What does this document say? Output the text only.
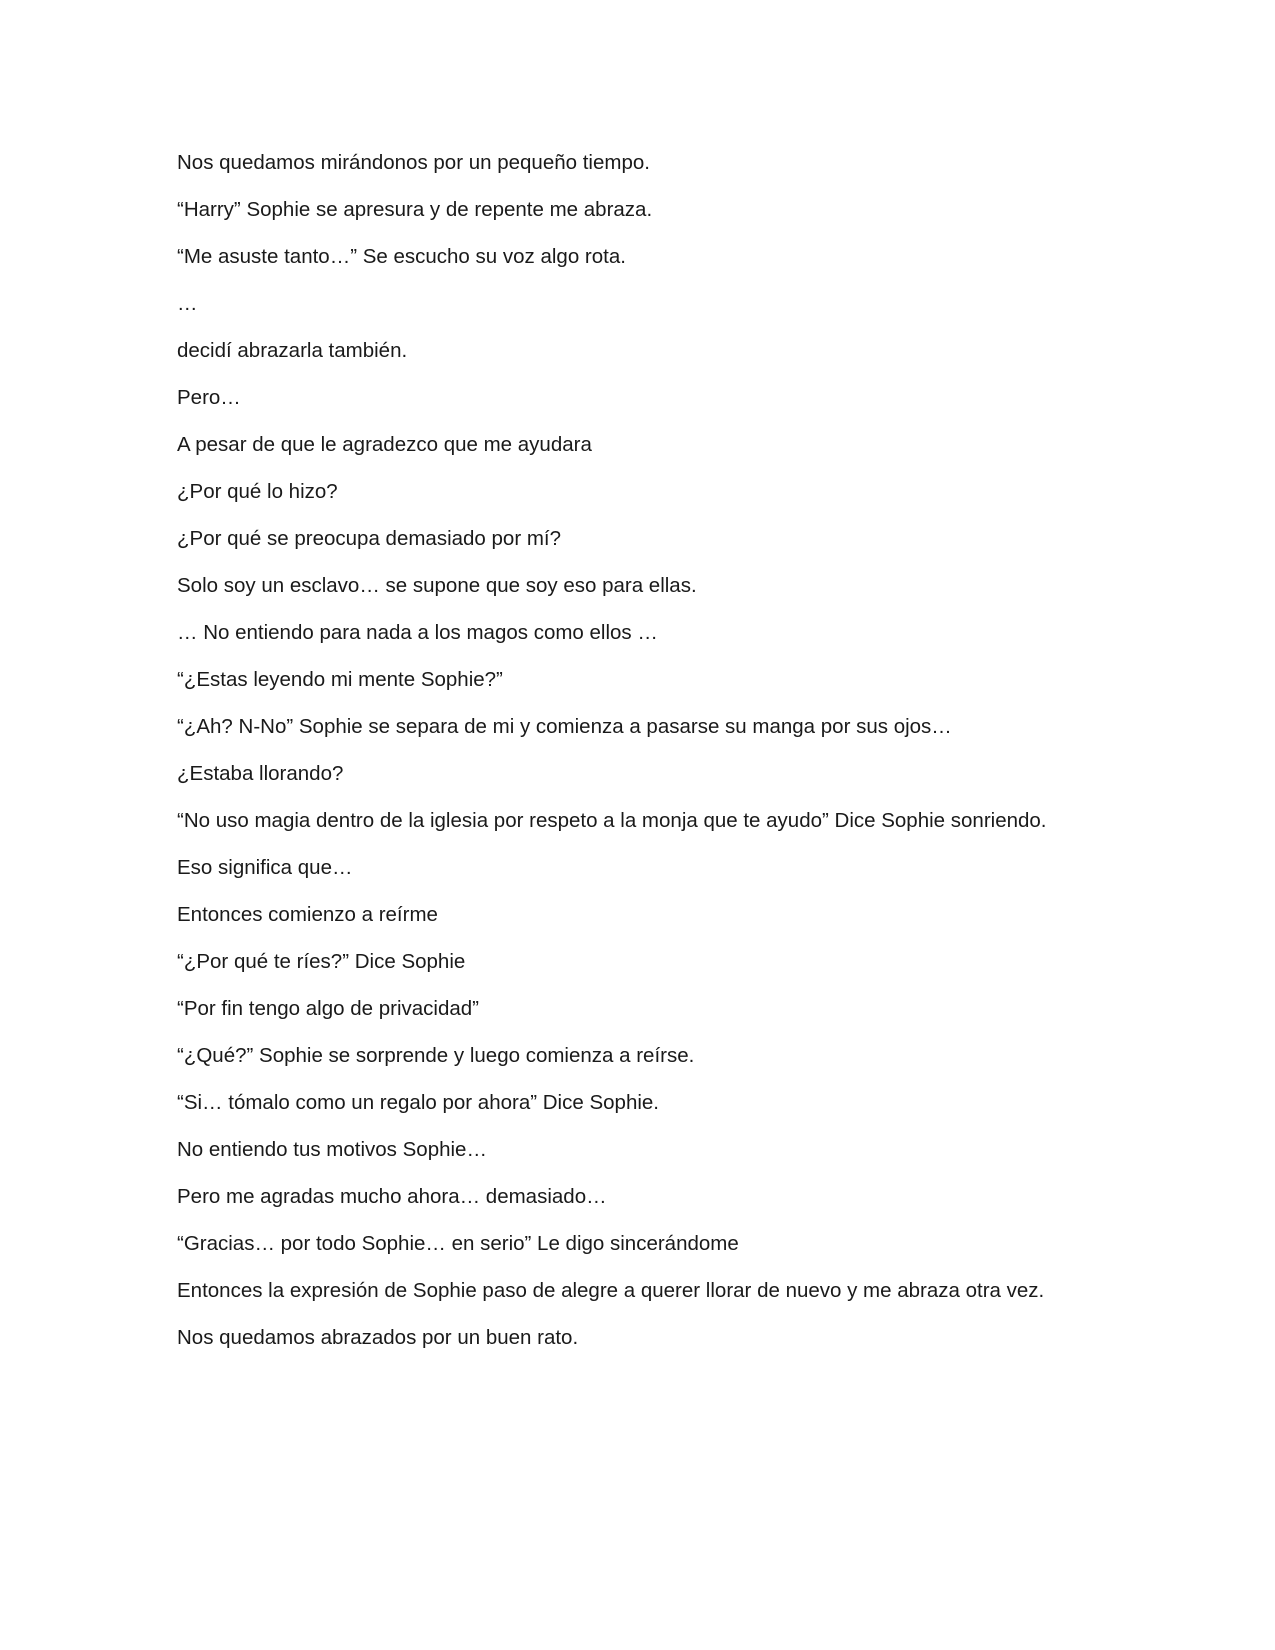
Nos quedamos mirándonos por un pequeño tiempo.

“Harry” Sophie se apresura y de repente me abraza.

“Me asuste tanto…” Se escucho su voz algo rota.

…

decidí abrazarla también.

Pero…

A pesar de que le agradezco que me ayudara

¿Por qué lo hizo?

¿Por qué se preocupa demasiado por mí?

Solo soy un esclavo… se supone que soy eso para ellas.

… No entiendo para nada a los magos como ellos …

“¿Estas leyendo mi mente Sophie?”

“¿Ah? N-No” Sophie se separa de mi y comienza a pasarse su manga por sus ojos…

¿Estaba llorando?

“No uso magia dentro de la iglesia por respeto a la monja que te ayudo” Dice Sophie sonriendo.

Eso significa que…

Entonces comienzo a reírme

“¿Por qué te ríes?” Dice Sophie

“Por fin tengo algo de privacidad”

“¿Qué?” Sophie se sorprende y luego comienza a reírse.

“Si… tómalo como un regalo por ahora” Dice Sophie.

No entiendo tus motivos Sophie…

Pero me agradas mucho ahora… demasiado…

“Gracias… por todo Sophie… en serio” Le digo sincerándome

Entonces la expresión de Sophie paso de alegre a querer llorar de nuevo y me abraza otra vez.

Nos quedamos abrazados por un buen rato.
